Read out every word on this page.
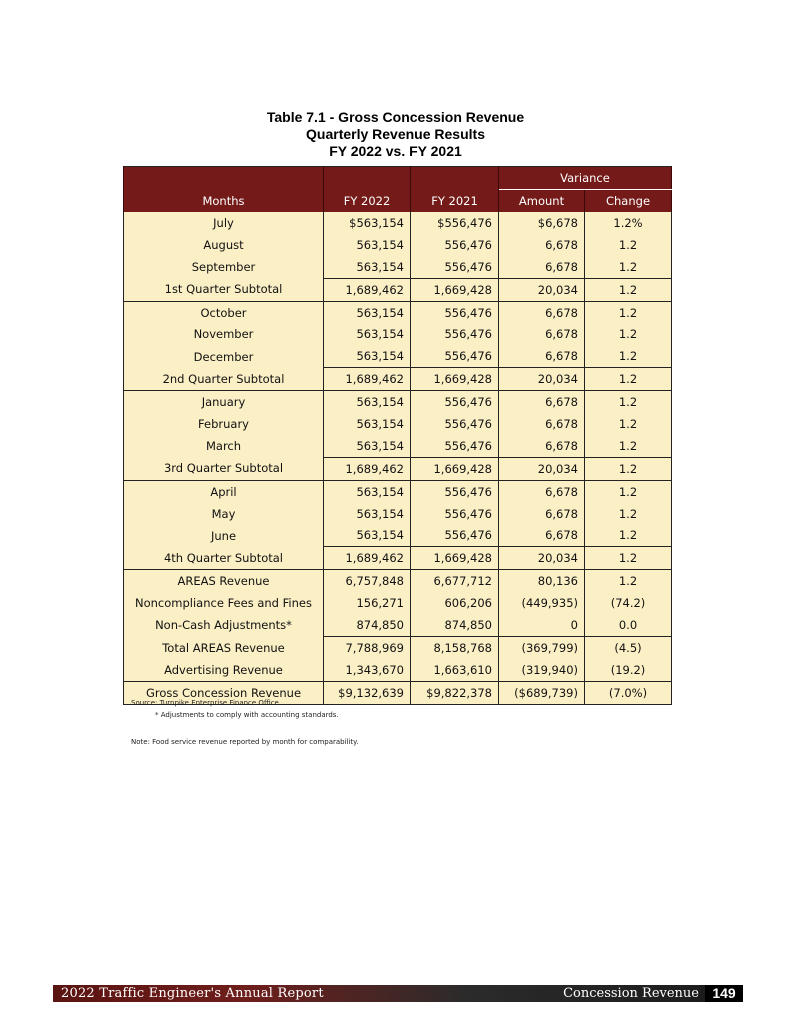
Table 7.1 - Gross Concession Revenue
Quarterly Revenue Results
FY 2022 vs. FY 2021
			Variance	
Months	FY 2022	FY 2021	Amount	Change
July	$563,154	$556,476	$6,678	1.2%
August	563,154	556,476	6,678	1.2
September	563,154	556,476	6,678	1.2
1st Quarter Subtotal	1,689,462	1,669,428	20,034	1.2
October	563,154	556,476	6,678	1.2
November	563,154	556,476	6,678	1.2
December	563,154	556,476	6,678	1.2
2nd Quarter Subtotal	1,689,462	1,669,428	20,034	1.2
January	563,154	556,476	6,678	1.2
February	563,154	556,476	6,678	1.2
March	563,154	556,476	6,678	1.2
3rd Quarter Subtotal	1,689,462	1,669,428	20,034	1.2
April	563,154	556,476	6,678	1.2
May	563,154	556,476	6,678	1.2
June	563,154	556,476	6,678	1.2
4th Quarter Subtotal	1,689,462	1,669,428	20,034	1.2
AREAS Revenue	6,757,848	6,677,712	80,136	1.2
Noncompliance Fees and Fines	156,271	606,206	(449,935)	(74.2)
Non-Cash Adjustments*	874,850	874,850	0	0.0
Total AREAS Revenue	7,788,969	8,158,768	(369,799)	(4.5)
Advertising Revenue	1,343,670	1,663,610	(319,940)	(19.2)
Gross Concession Revenue	$9,132,639	$9,822,378	($689,739)	(7.0%)
Source: Turnpike Enterprise Finance Office.
* Adjustments to comply with accounting standards.
Note: Food service revenue reported by month for comparability.
2022 Traffic Engineer's Annual Report	Concession Revenue 149
